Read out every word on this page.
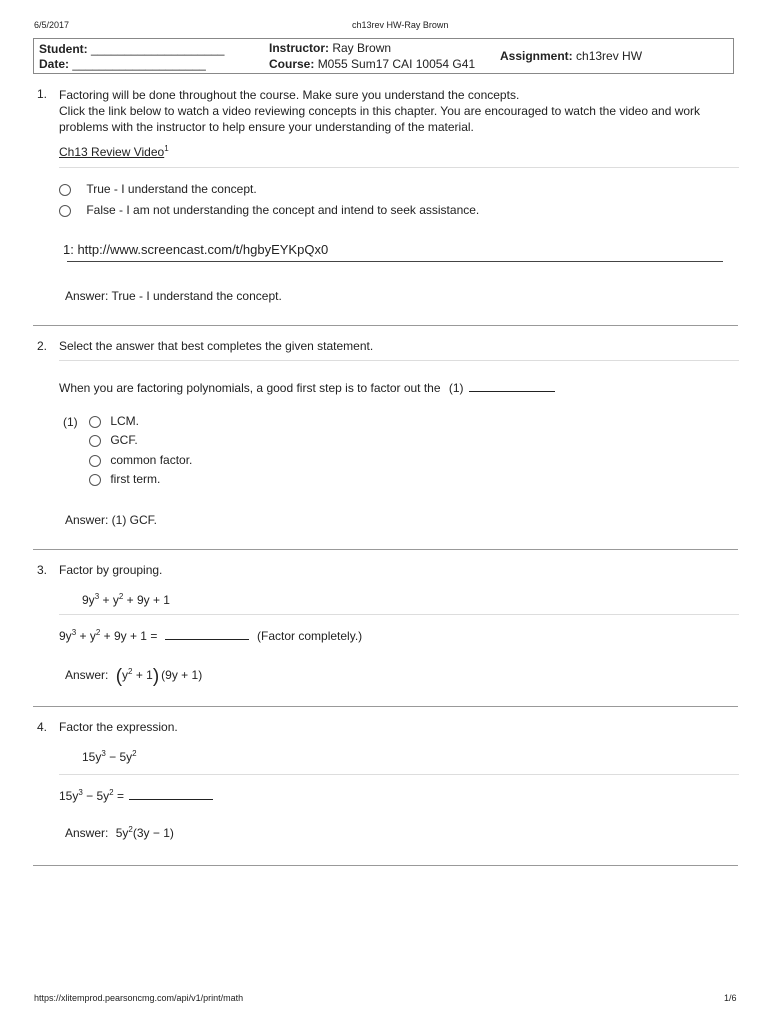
6/5/2017	ch13rev HW-Ray Brown
Student: ____________________
Date: ____________________
Instructor: Ray Brown
Course: M055 Sum17 CAI 10054 G41
Assignment: ch13rev HW
1. Factoring will be done throughout the course. Make sure you understand the concepts.
Click the link below to watch a video reviewing concepts in this chapter. You are encouraged to watch the video and work
problems with the instructor to help ensure your understanding of the material.
Ch13 Review Video$^1$
True - I understand the concept.
False - I am not understanding the concept and intend to seek assistance.
1: http://www.screencast.com/t/hgbyEYKpQx0
Answer: True - I understand the concept.
2. Select the answer that best completes the given statement.
When you are factoring polynomials, a good first step is to factor out the (1)
(1)	LCM.
GCF.
common factor.
first term.
Answer: (1) GCF.
3. Factor by grouping.
$9y^3 + y^2 + 9y + 1$
$9y^3 + y^2 + 9y + 1$ =	(Factor completely.)
Answer: $(y^2 + 1) (9y + 1)$
4. Factor the expression.
$15y^3 - 5y^2$
$15y^3 - 5y^2$ =
Answer: $5y^2(3y - 1)$
https://xlitemprod.pearsoncmg.com/api/v1/print/math	1/6
